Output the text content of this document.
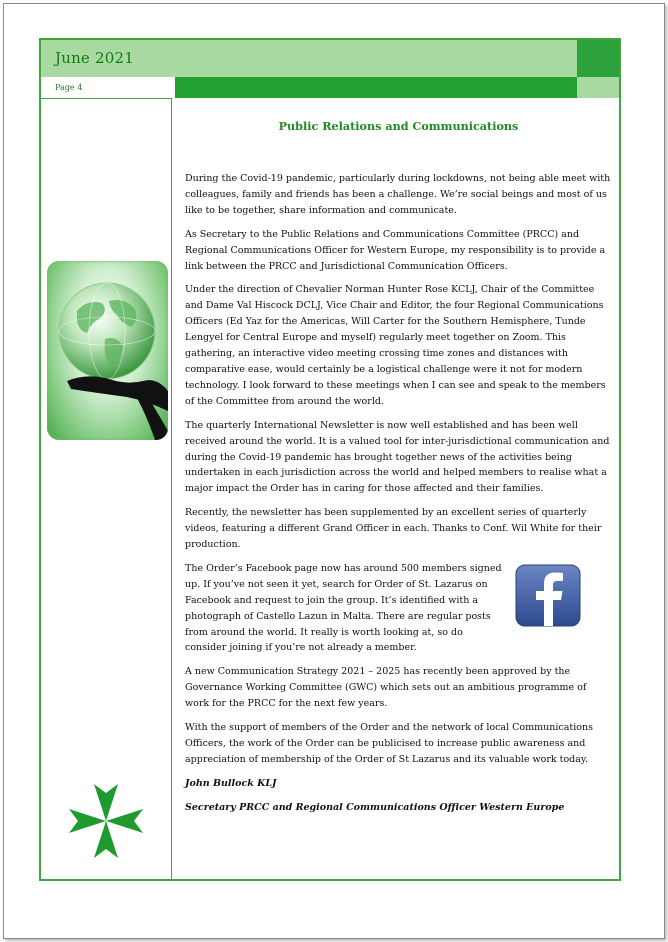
June 2021
Page 4
Public Relations and Communications

During the Covid-19 pandemic, particularly during lockdowns, not being able meet with colleagues, family and friends has been a challenge. We’re social beings and most of us like to be together, share information and communicate.

As Secretary to the Public Relations and Communications Committee (PRCC) and Regional Communications Officer for Western Europe, my responsibility is to provide a link between the PRCC and Jurisdictional Communication Officers.

Under the direction of Chevalier Norman Hunter Rose KCLJ, Chair of the Committee and Dame Val Hiscock DCLJ, Vice Chair and Editor, the four Regional Communications Officers (Ed Yaz for the Americas, Will Carter for the Southern Hemisphere, Tunde Lengyel for Central Europe and myself) regularly meet together on Zoom. This gathering, an interactive video meeting crossing time zones and distances with comparative ease, would certainly be a logistical challenge were it not for modern technology. I look forward to these meetings when I can see and speak to the members of the Committee from around the world.

The quarterly International Newsletter is now well established and has been well received around the world. It is a valued tool for inter-jurisdictional communication and during the Covid-19 pandemic has brought together news of the activities being undertaken in each jurisdiction across the world and helped members to realise what a major impact the Order has in caring for those affected and their families.

Recently, the newsletter has been supplemented by an excellent series of quarterly videos, featuring a different Grand Officer in each. Thanks to Conf. Wil White for their production.

The Order’s Facebook page now has around 500 members signed up. If you’ve not seen it yet, search for Order of St. Lazarus on Facebook and request to join the group. It’s identified with a photograph of Castello Lazun in Malta. There are regular posts from around the world. It really is worth looking at, so do consider joining if you’re not already a member.

A new Communication Strategy 2021 – 2025 has recently been approved by the Governance Working Committee (GWC) which sets out an ambitious programme of work for the PRCC for the next few years.

With the support of members of the Order and the network of local Communications Officers, the work of the Order can be publicised to increase public awareness and appreciation of membership of the Order of St Lazarus and its valuable work today.

John Bullock KLJ

Secretary PRCC and Regional Communications Officer Western Europe
